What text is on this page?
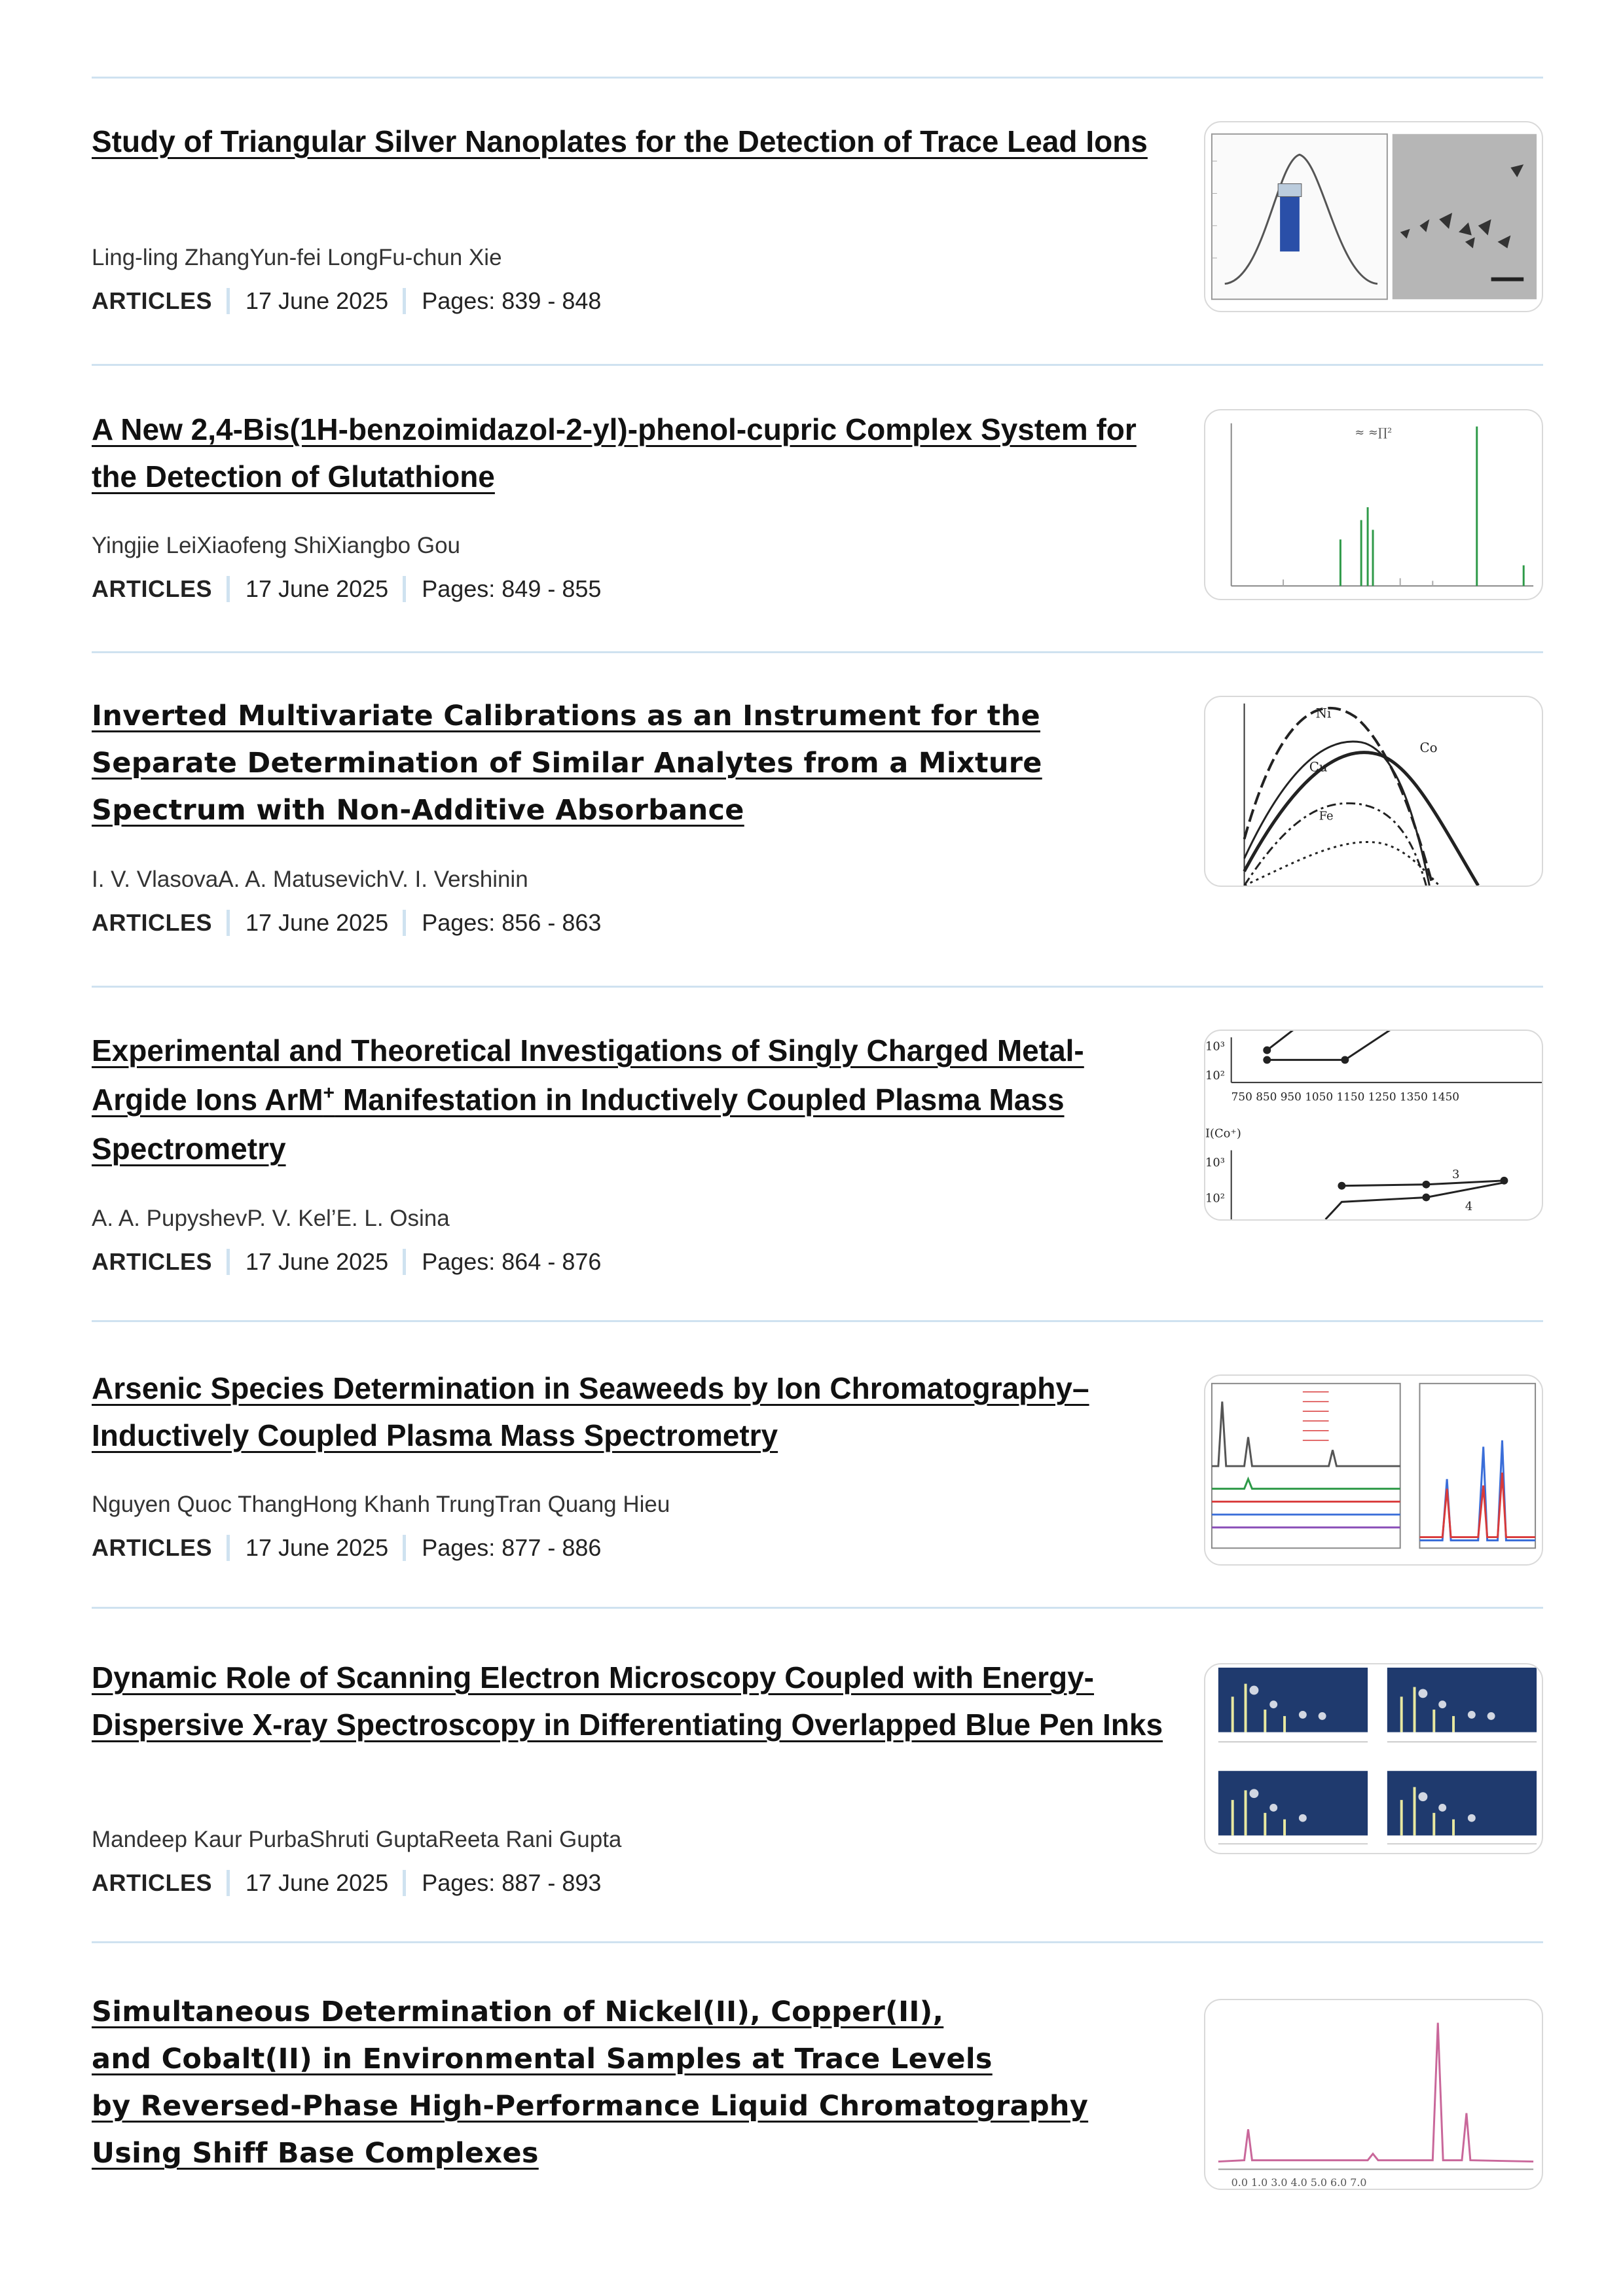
Study of Triangular Silver Nanoplates for the Detection of Trace Lead Ions
Ling-ling ZhangYun-fei LongFu-chun Xie
ARTICLES 17 June 2025 Pages: 839 - 848
A New 2,4-Bis(1H-benzoimidazol-2-yl)-phenol-cupric Complex System for the Detection of Glutathione
Yingjie LeiXiaofeng ShiXiangbo Gou
ARTICLES 17 June 2025 Pages: 849 - 855
≈ ≈∏²
Inverted Multivariate Calibrations as an Instrument for the Separate Determination of Similar Analytes from a Mixture Spectrum with Non-Additive Absorbance
I. V. VlasovaA. A. MatusevichV. I. Vershinin
ARTICLES 17 June 2025 Pages: 856 - 863
Ni
Co
Cu
Fe
Experimental and Theoretical Investigations of Singly Charged Metal-Argide Ions ArM+ Manifestation in Inductively Coupled Plasma Mass Spectrometry
A. A. PupyshevP. V. Kel’E. L. Osina
ARTICLES 17 June 2025 Pages: 864 - 876
10³
10²
750 850 950 1050 1150 1250 1350 1450
I(Co⁺)
10³
10²
3
4
Arsenic Species Determination in Seaweeds by Ion Chromatography–Inductively Coupled Plasma Mass Spectrometry
Nguyen Quoc ThangHong Khanh TrungTran Quang Hieu
ARTICLES 17 June 2025 Pages: 877 - 886
Dynamic Role of Scanning Electron Microscopy Coupled with Energy-Dispersive X-ray Spectroscopy in Differentiating Overlapped Blue Pen Inks
Mandeep Kaur PurbaShruti GuptaReeta Rani Gupta
ARTICLES 17 June 2025 Pages: 887 - 893
Simultaneous Determination of Nickel(II), Copper(II),
and Cobalt(II) in Environmental Samples at Trace Levels
by Reversed-Phase High-Performance Liquid Chromatography
Using Shiff Base Complexes
0.0 1.0 3.0 4.0 5.0 6.0 7.0
